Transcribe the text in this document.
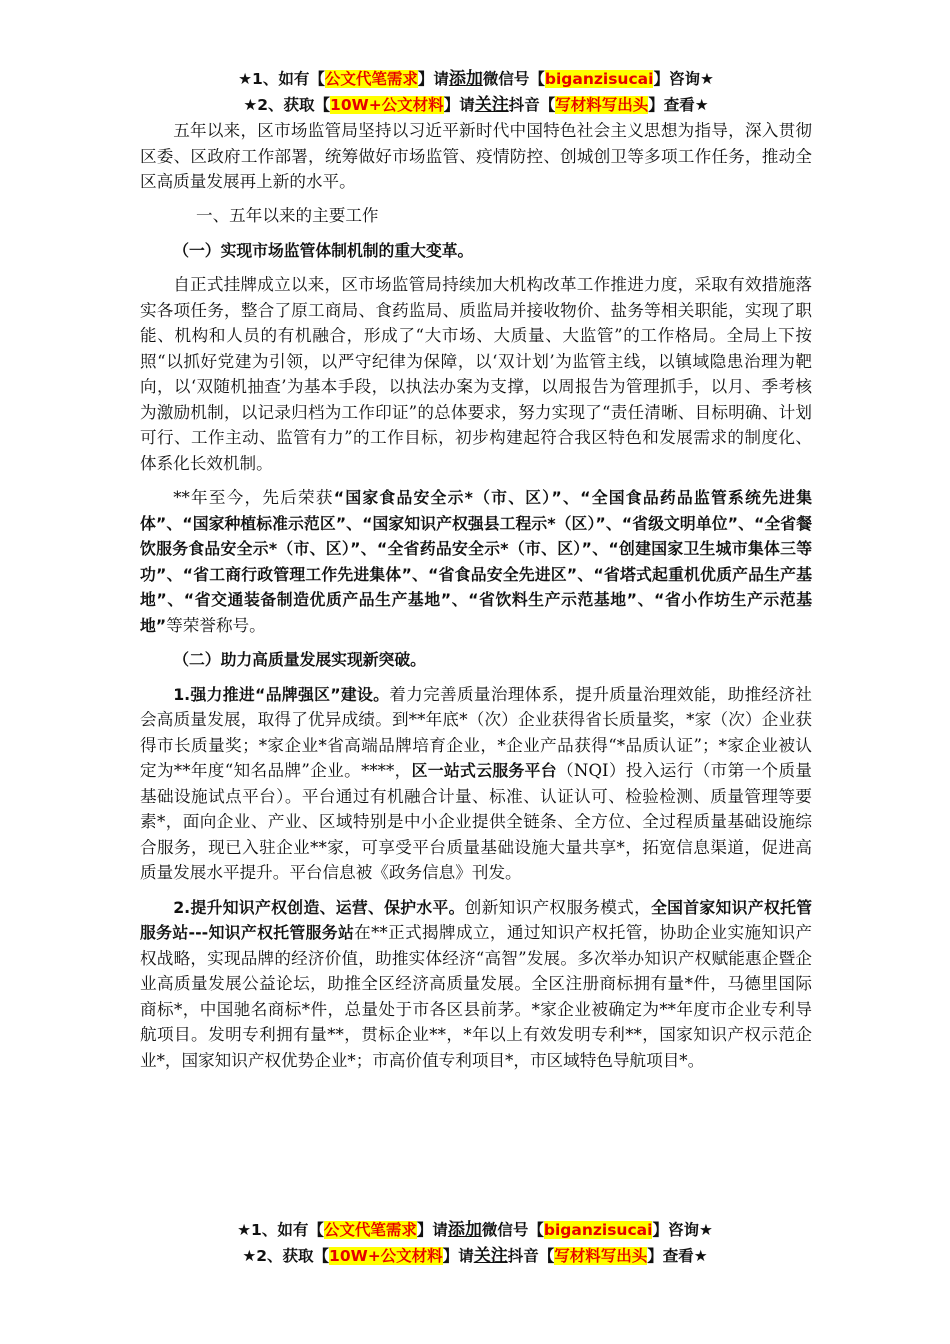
★1、如有【公文代笔需求】请添加微信号【biganzisucai】咨询★
★2、获取【10W+公文材料】请关注抖音【写材料写出头】查看★

五年以来，区市场监管局坚持以习近平新时代中国特色社会主义思想为指导，深入贯彻区委、区政府工作部署，统筹做好市场监管、疫情防控、创城创卫等多项工作任务，推动全区高质量发展再上新的水平。

一、五年以来的主要工作

（一）实现市场监管体制机制的重大变革。

自正式挂牌成立以来，区市场监管局持续加大机构改革工作推进力度，采取有效措施落实各项任务，整合了原工商局、食药监局、质监局并接收物价、盐务等相关职能，实现了职能、机构和人员的有机融合，形成了“大市场、大质量、大监管”的工作格局。全局上下按照“以抓好党建为引领，以严守纪律为保障，以‘双计划’为监管主线，以镇域隐患治理为靶向，以‘双随机抽查’为基本手段，以执法办案为支撑，以周报告为管理抓手，以月、季考核为激励机制，以记录归档为工作印证”的总体要求，努力实现了“责任清晰、目标明确、计划可行、工作主动、监管有力”的工作目标，初步构建起符合我区特色和发展需求的制度化、体系化长效机制。

**年至今，先后荣获“国家食品安全示*（市、区）”、“全国食品药品监管系统先进集体”、“国家种植标准示范区”、“国家知识产权强县工程示*（区）”、“省级文明单位”、“全省餐饮服务食品安全示*（市、区）”、“全省药品安全示*（市、区）”、“创建国家卫生城市集体三等功”、“省工商行政管理工作先进集体”、“省食品安全先进区”、“省塔式起重机优质产品生产基地”、“省交通装备制造优质产品生产基地”、“省饮料生产示范基地”、“省小作坊生产示范基地”等荣誉称号。

（二）助力高质量发展实现新突破。

1.强力推进“品牌强区”建设。着力完善质量治理体系，提升质量治理效能，助推经济社会高质量发展，取得了优异成绩。到**年底*（次）企业获得省长质量奖，*家（次）企业获得市长质量奖；*家企业*省高端品牌培育企业，*企业产品获得“*品质认证”；*家企业被认定为**年度“知名品牌”企业。****，区一站式云服务平台（NQI）投入运行（市第一个质量基础设施试点平台）。平台通过有机融合计量、标准、认证认可、检验检测、质量管理等要素*，面向企业、产业、区域特别是中小企业提供全链条、全方位、全过程质量基础设施综合服务，现已入驻企业**家，可享受平台质量基础设施大量共享*，拓宽信息渠道，促进高质量发展水平提升。平台信息被《政务信息》刊发。

2.提升知识产权创造、运营、保护水平。创新知识产权服务模式，全国首家知识产权托管服务站---知识产权托管服务站在**正式揭牌成立，通过知识产权托管，协助企业实施知识产权战略，实现品牌的经济价值，助推实体经济“高智”发展。多次举办知识产权赋能惠企暨企业高质量发展公益论坛，助推全区经济高质量发展。全区注册商标拥有量*件，马德里国际商标*，中国驰名商标*件，总量处于市各区县前茅。*家企业被确定为**年度市企业专利导航项目。发明专利拥有量**，贯标企业**，*年以上有效发明专利**，国家知识产权示范企业*，国家知识产权优势企业*；市高价值专利项目*，市区域特色导航项目*。

★1、如有【公文代笔需求】请添加微信号【biganzisucai】咨询★
★2、获取【10W+公文材料】请关注抖音【写材料写出头】查看★
